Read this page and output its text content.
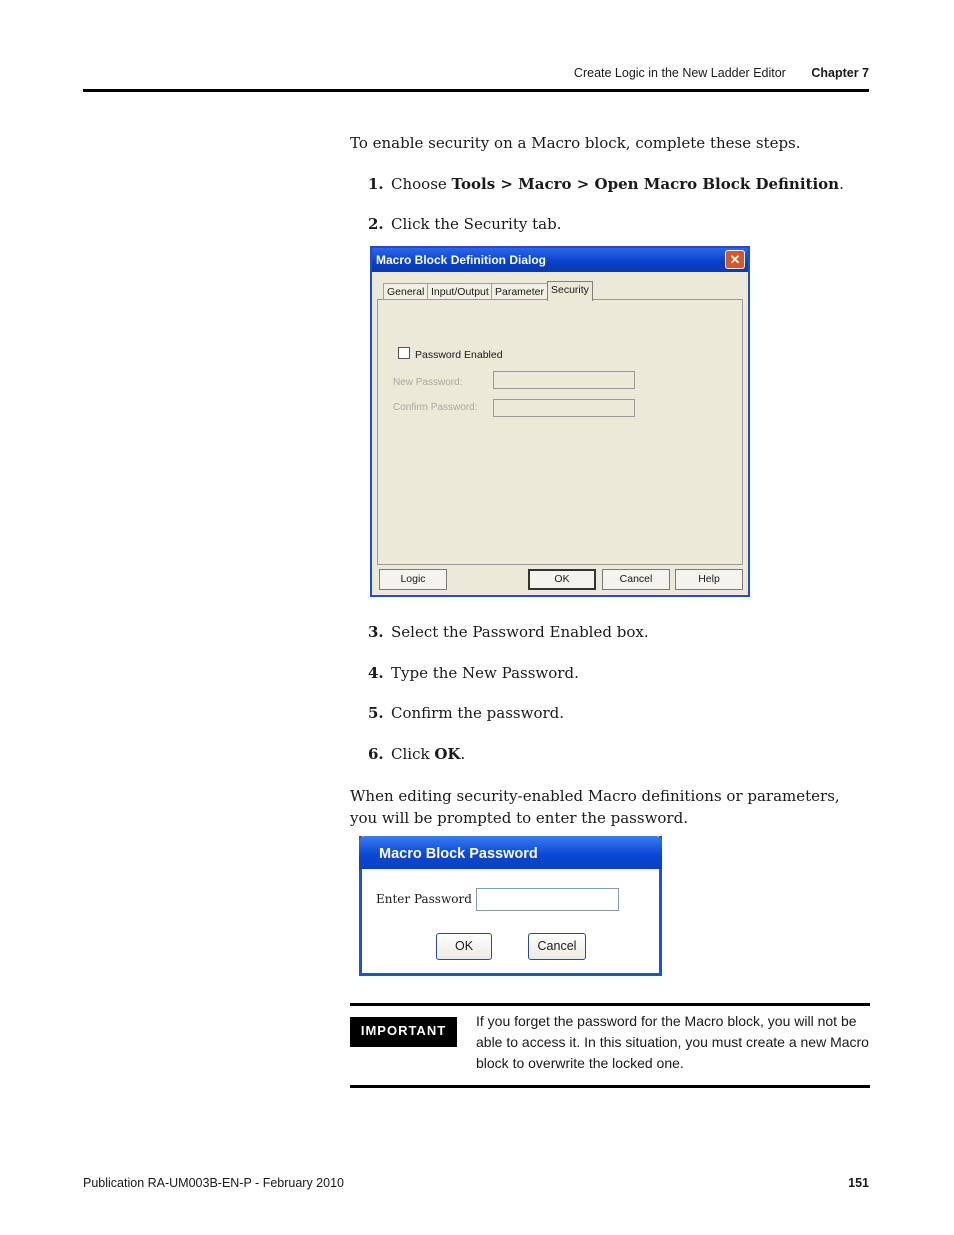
Create Logic in the New Ladder Editor Chapter 7
To enable security on a Macro block, complete these steps.
1. Choose Tools > Macro > Open Macro Block Definition.
2. Click the Security tab.
Macro Block Definition Dialog	✕
General Input/Output Parameter Security
Password Enabled
New Password:
Confirm Password:
Logic	OK	Cancel	Help
3. Select the Password Enabled box.
4. Type the New Password.
5. Confirm the password.
6. Click OK.
When editing security-enabled Macro definitions or parameters, you will be prompted to enter the password.
Macro Block Password
Enter Password
OK	Cancel
IMPORTANT
If you forget the password for the Macro block, you will not be able to access it. In this situation, you must create a new Macro block to overwrite the locked one.
Publication RA-UM003B-EN-P - February 2010	151
